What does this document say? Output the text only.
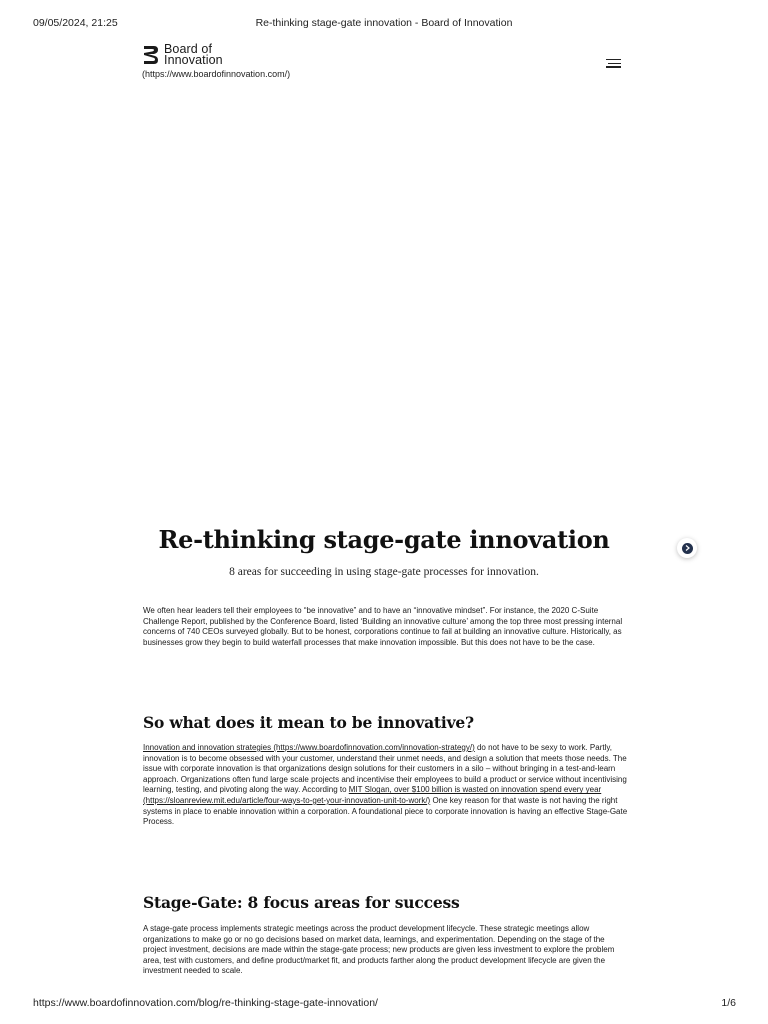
09/05/2024, 21:25	Re-thinking stage-gate innovation - Board of Innovation
Board of
Innovation
(https://www.boardofinnovation.com/)
Re-thinking stage-gate innovation
8 areas for succeeding in using stage-gate processes for innovation.

We often hear leaders tell their employees to “be innovative” and to have an “innovative mindset”. For instance, the 2020 C-Suite Challenge Report, published by the Conference Board, listed ‘Building an innovative culture’ among the top three most pressing internal concerns of 740 CEOs surveyed globally. But to be honest, corporations continue to fail at building an innovative culture. Historically, as businesses grow they begin to build waterfall processes that make innovation impossible. But this does not have to be the case.

So what does it mean to be innovative?

Innovation and innovation strategies (https://www.boardofinnovation.com/innovation-strategy/) do not have to be sexy to work. Partly, innovation is to become obsessed with your customer, understand their unmet needs, and design a solution that meets those needs. The issue with corporate innovation is that organizations design solutions for their customers in a silo – without bringing in a test-and-learn approach. Organizations often fund large scale projects and incentivise their employees to build a product or service without incentivising learning, testing, and pivoting along the way. According to MIT Slogan, over $100 billion is wasted on innovation spend every year (https://sloanreview.mit.edu/article/four-ways-to-get-your-innovation-unit-to-work/) One key reason for that waste is not having the right systems in place to enable innovation within a corporation. A foundational piece to corporate innovation is having an effective Stage-Gate Process.

Stage-Gate: 8 focus areas for success

A stage-gate process implements strategic meetings across the product development lifecycle. These strategic meetings allow organizations to make go or no go decisions based on market data, learnings, and experimentation. Depending on the stage of the project investment, decisions are made within the stage-gate process; new products are given less investment to explore the problem area, test with customers, and define product/market fit, and products farther along the product development lifecycle are given the investment needed to scale.

https://www.boardofinnovation.com/blog/re-thinking-stage-gate-innovation/	1/6
